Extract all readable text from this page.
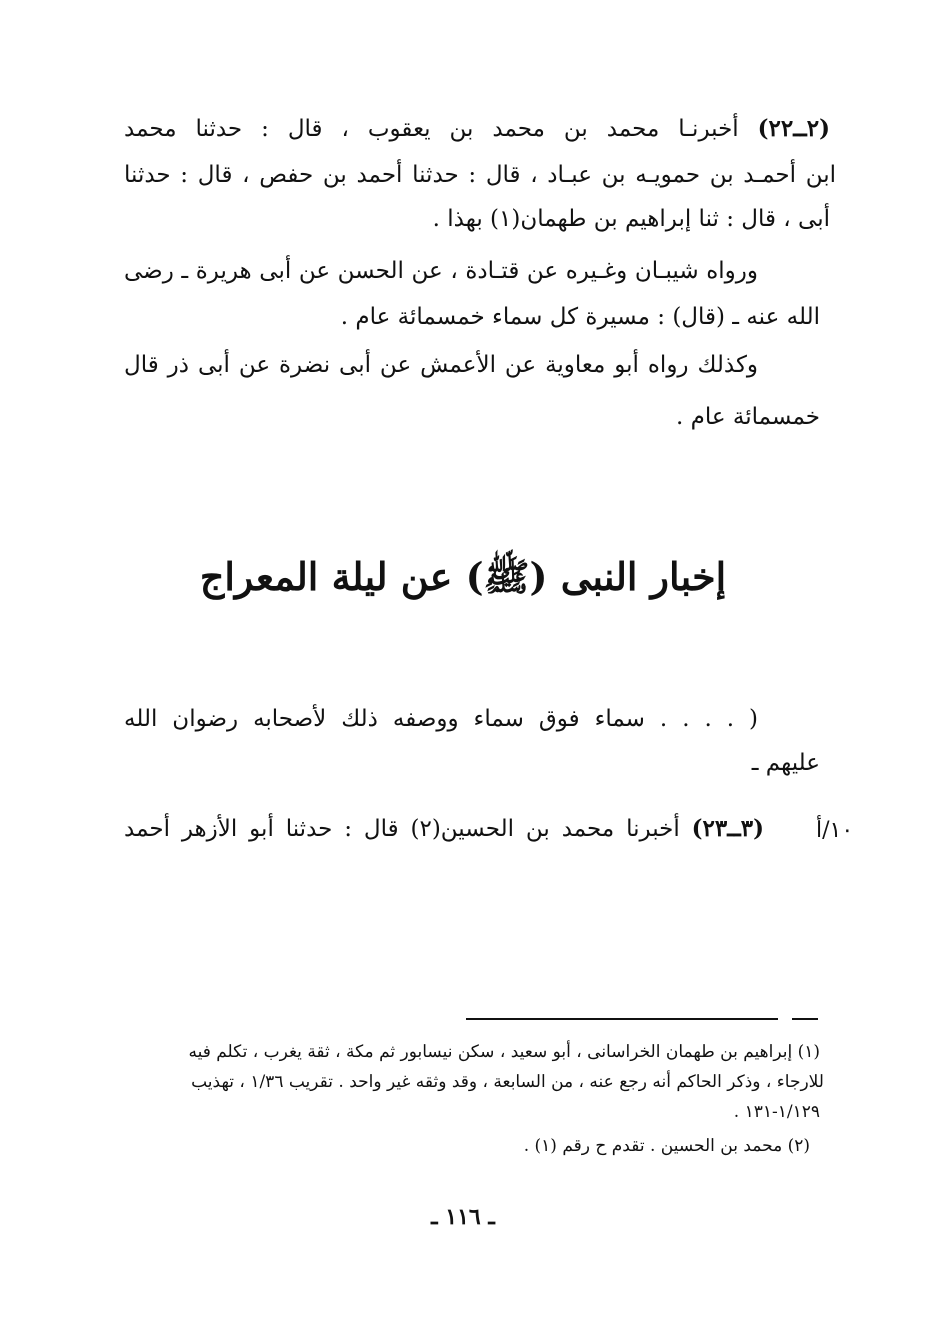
(٢ــ٢٢) أخبرنـا محمد بن محمد بن يعقوب ، قال : حدثنا محمد
ابن أحمـد بن حمويـه بن عبـاد ، قال : حدثنا أحمد بن حفص ، قال : حدثنا
أبى ، قال : ثنا إبراهيم بن طهمان(١) بهذا .
ورواه شيبـان وغـيره عن قتـادة ، عن الحسن عن أبى هريرة ـ رضى
الله عنه ـ (قال) : مسيرة كل سماء خمسمائة عام .
وكذلك رواه أبو معاوية عن الأعمش عن أبى نضرة عن أبى ذر قال
خمسمائة عام .
إخبار النبى (ﷺ) عن ليلة المعراج
( . . . . سماء فوق سماء ووصفه ذلك لأصحابه رضوان الله
عليهم ـ
١٠/أ
(٣ــ٢٣) أخبرنا محمد بن الحسين(٢) قال : حدثنا أبو الأزهر أحمد
(١) إبراهيم بن طهمان الخراسانى ، أبو سعيد ، سكن نيسابور ثم مكة ، ثقة يغرب ، تكلم فيه
للارجاء ، وذكر الحاكم أنه رجع عنه ، من السابعة ، وقد وثقه غير واحد . تقريب ١/٣٦ ، تهذيب
١/١٢٩-١٣١ .
(٢) محمد بن الحسين . تقدم ح رقم (١) .
ـ ١١٦ ـ
